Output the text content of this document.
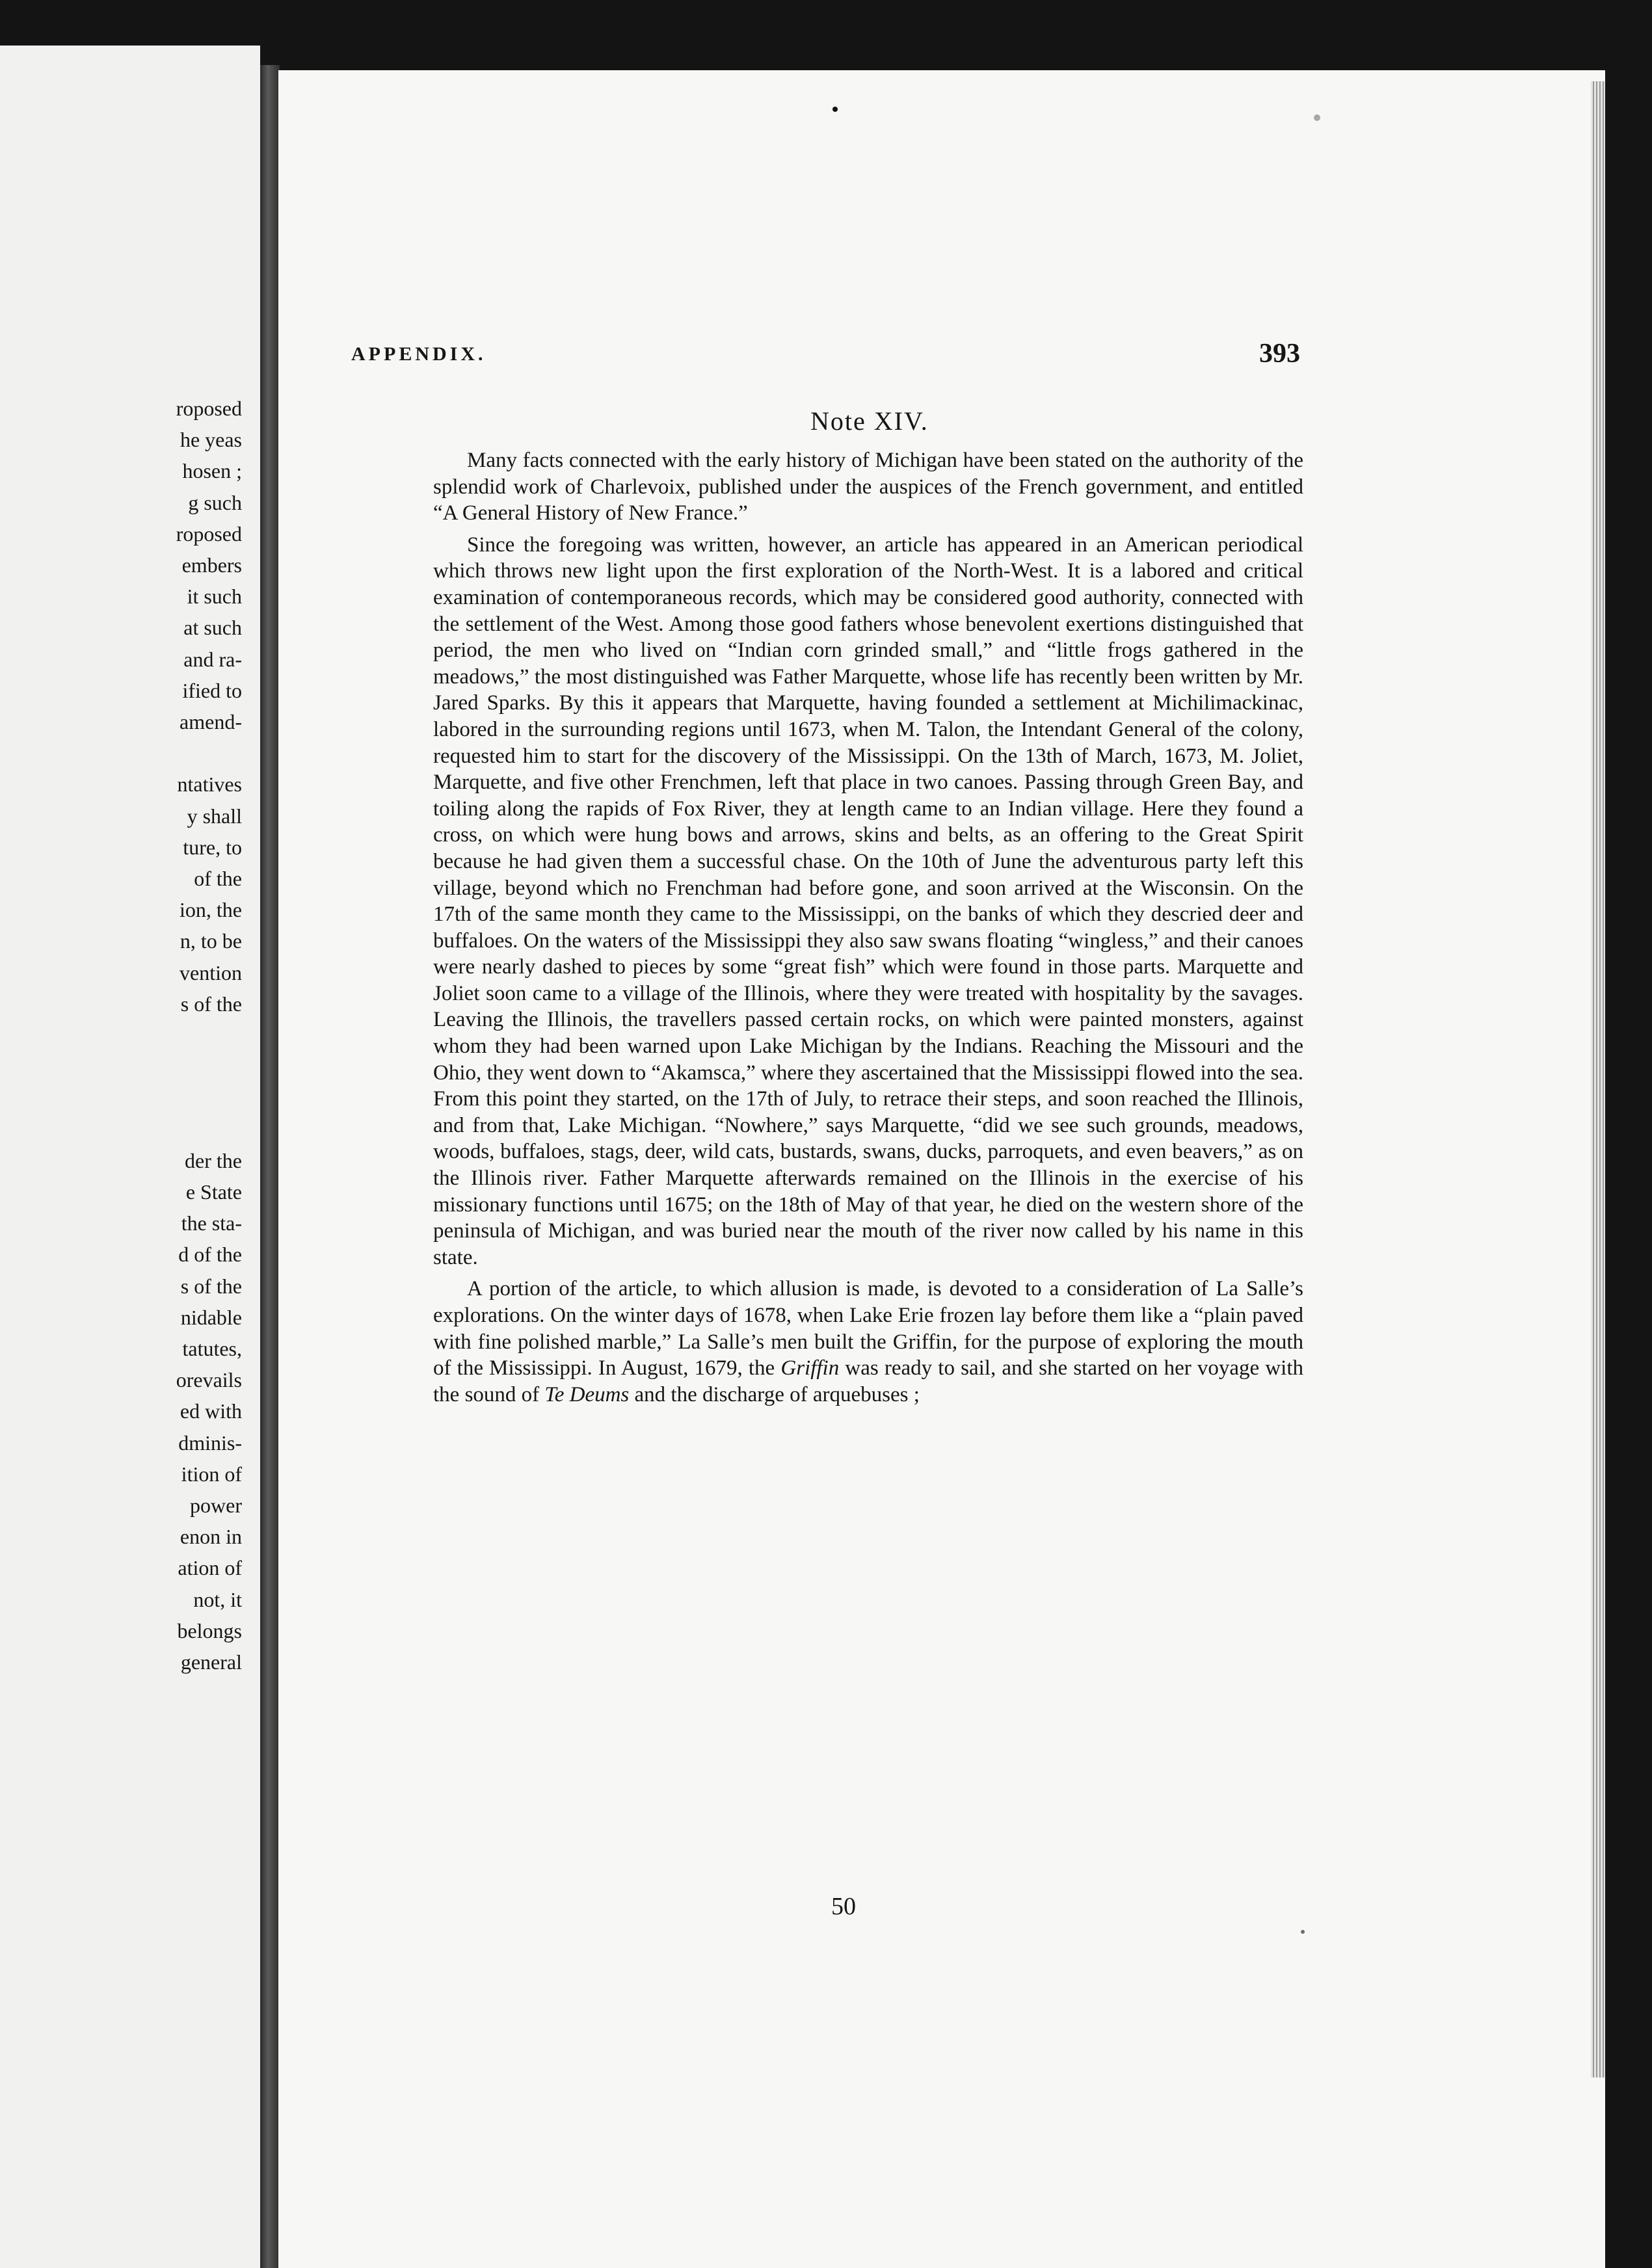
roposed
he yeas
hosen ;
g such
roposed
embers
it such
at such
and ra-
ified to
amend-
ntatives
y shall
ture, to
of the
ion, the
n, to be
vention
s of the
der the
e State
the sta-
d of the
s of the
nidable
tatutes,
orevails
ed with
dminis-
ition of
power
enon in
ation of
not, it
belongs
general
APPENDIX.	393
Note XIV.

Many facts connected with the early history of Michigan have been stated on the authority of the splendid work of Charlevoix, published under the auspices of the French government, and entitled “A General History of New France.”

Since the foregoing was written, however, an article has appeared in an American periodical which throws new light upon the first exploration of the North-West. It is a labored and critical examination of contemporaneous records, which may be considered good authority, connected with the settlement of the West. Among those good fathers whose benevolent exertions distinguished that period, the men who lived on “Indian corn grinded small,” and “little frogs gathered in the meadows,” the most distinguished was Father Marquette, whose life has recently been written by Mr. Jared Sparks. By this it appears that Marquette, having founded a settlement at Michilimackinac, labored in the surrounding regions until 1673, when M. Talon, the Intendant General of the colony, requested him to start for the discovery of the Mississippi. On the 13th of March, 1673, M. Joliet, Marquette, and five other Frenchmen, left that place in two canoes. Passing through Green Bay, and toiling along the rapids of Fox River, they at length came to an Indian village. Here they found a cross, on which were hung bows and arrows, skins and belts, as an offering to the Great Spirit because he had given them a successful chase. On the 10th of June the adventurous party left this village, beyond which no Frenchman had before gone, and soon arrived at the Wisconsin. On the 17th of the same month they came to the Mississippi, on the banks of which they descried deer and buffaloes. On the waters of the Mississippi they also saw swans floating “wingless,” and their canoes were nearly dashed to pieces by some “great fish” which were found in those parts. Marquette and Joliet soon came to a village of the Illinois, where they were treated with hospitality by the savages. Leaving the Illinois, the travellers passed certain rocks, on which were painted monsters, against whom they had been warned upon Lake Michigan by the Indians. Reaching the Missouri and the Ohio, they went down to “Akamsca,” where they ascertained that the Mississippi flowed into the sea. From this point they started, on the 17th of July, to retrace their steps, and soon reached the Illinois, and from that, Lake Michigan. “Nowhere,” says Marquette, “did we see such grounds, meadows, woods, buffaloes, stags, deer, wild cats, bustards, swans, ducks, parroquets, and even beavers,” as on the Illinois river. Father Marquette afterwards remained on the Illinois in the exercise of his missionary functions until 1675; on the 18th of May of that year, he died on the western shore of the peninsula of Michigan, and was buried near the mouth of the river now called by his name in this state.

A portion of the article, to which allusion is made, is devoted to a consideration of La Salle’s explorations. On the winter days of 1678, when Lake Erie frozen lay before them like a “plain paved with fine polished marble,” La Salle’s men built the Griffin, for the purpose of exploring the mouth of the Mississippi. In August, 1679, the Griffin was ready to sail, and she started on her voyage with the sound of Te Deums and the discharge of arquebuses ;

50
